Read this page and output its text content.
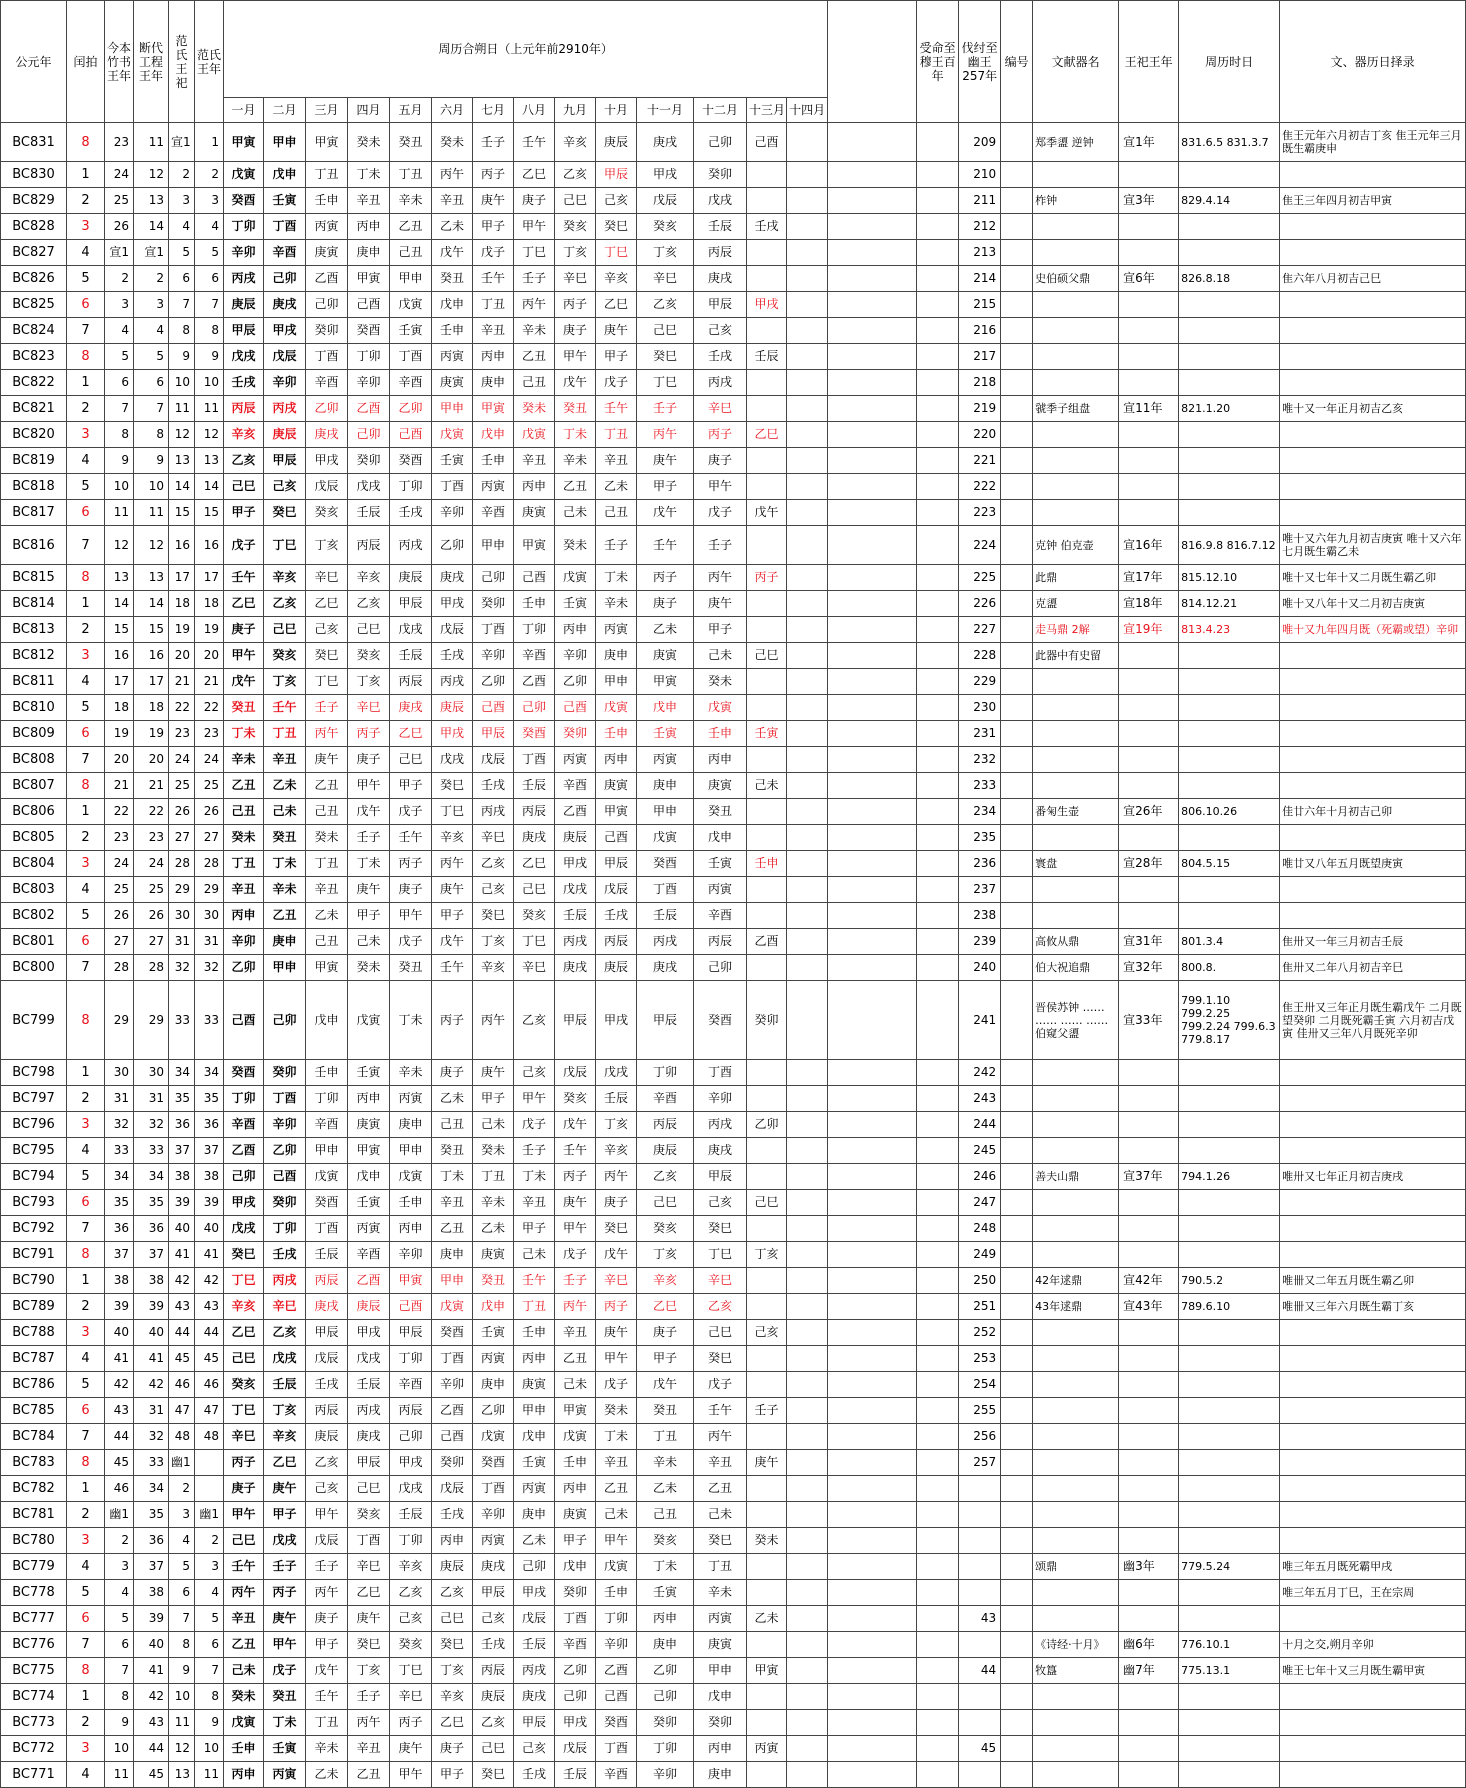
公元年	闰拍	今本竹书王年	断代工程王年	范氏王祀	范氏王年	周历合朔日（上元年前2910年）															受命至穆王百年	伐纣至幽王257年	编号	文献器名	王祀王年	周历时日	文、器历日择录
						一月	二月	三月	四月	五月	六月	七月	八月	九月	十月	十一月	十二月	十三月	十四月								
BC831	8	23	11	宣1	1	甲寅	甲申	甲寅	癸未	癸丑	癸未	壬子	壬午	辛亥	庚辰	庚戌	己卯	己酉				209		郑季盨 逆钟	宣1年	831.6.5 831.3.7	隹王元年六月初吉丁亥 隹王元年三月既生霸庚申
BC830	1	24	12	2	2	戊寅	戊申	丁丑	丁未	丁丑	丙午	丙子	乙巳	乙亥	甲辰	甲戌	癸卯					210					
BC829	2	25	13	3	3	癸酉	壬寅	壬申	辛丑	辛未	辛丑	庚午	庚子	己巳	己亥	戊辰	戊戌					211		柞钟	宣3年	829.4.14	隹王三年四月初吉甲寅
BC828	3	26	14	4	4	丁卯	丁酉	丙寅	丙申	乙丑	乙未	甲子	甲午	癸亥	癸巳	癸亥	壬辰	壬戌				212					
BC827	4	宣1	宣1	5	5	辛卯	辛酉	庚寅	庚申	己丑	戊午	戊子	丁巳	丁亥	丁巳	丁亥	丙辰					213					
BC826	5	2	2	6	6	丙戌	己卯	乙酉	甲寅	甲申	癸丑	壬午	壬子	辛巳	辛亥	辛巳	庚戌					214		史伯硕父鼎	宣6年	826.8.18	隹六年八月初吉己巳
BC825	6	3	3	7	7	庚辰	庚戌	己卯	己酉	戊寅	戊申	丁丑	丙午	丙子	乙巳	乙亥	甲辰	甲戌				215					
BC824	7	4	4	8	8	甲辰	甲戌	癸卯	癸酉	壬寅	壬申	辛丑	辛未	庚子	庚午	己巳	己亥					216					
BC823	8	5	5	9	9	戊戌	戊辰	丁酉	丁卯	丁酉	丙寅	丙申	乙丑	甲午	甲子	癸巳	壬戌	壬辰				217					
BC822	1	6	6	10	10	壬戌	辛卯	辛酉	辛卯	辛酉	庚寅	庚申	己丑	戊午	戊子	丁巳	丙戌					218					
BC821	2	7	7	11	11	丙辰	丙戌	乙卯	乙酉	乙卯	甲申	甲寅	癸未	癸丑	壬午	壬子	辛巳					219		虢季子组盘	宣11年	821.1.20	唯十又一年正月初吉乙亥
BC820	3	8	8	12	12	辛亥	庚辰	庚戌	己卯	己酉	戊寅	戊申	戊寅	丁未	丁丑	丙午	丙子	乙巳				220					
BC819	4	9	9	13	13	乙亥	甲辰	甲戌	癸卯	癸酉	壬寅	壬申	辛丑	辛未	辛丑	庚午	庚子					221					
BC818	5	10	10	14	14	己巳	己亥	戊辰	戊戌	丁卯	丁酉	丙寅	丙申	乙丑	乙未	甲子	甲午					222					
BC817	6	11	11	15	15	甲子	癸巳	癸亥	壬辰	壬戌	辛卯	辛酉	庚寅	己未	己丑	戊午	戊子	戊午				223					
BC816	7	12	12	16	16	戊子	丁巳	丁亥	丙辰	丙戌	乙卯	甲申	甲寅	癸未	壬子	壬午	壬子					224		克钟 伯克壶	宣16年	816.9.8 816.7.12	唯十又六年九月初吉庚寅 唯十又六年七月既生霸乙未
BC815	8	13	13	17	17	壬午	辛亥	辛巳	辛亥	庚辰	庚戌	己卯	己酉	戊寅	丁未	丙子	丙午	丙子				225		此鼎	宣17年	815.12.10	唯十又七年十又二月既生霸乙卯
BC814	1	14	14	18	18	乙巳	乙亥	乙巳	乙亥	甲辰	甲戌	癸卯	壬申	壬寅	辛未	庚子	庚午					226		克盨	宣18年	814.12.21	唯十又八年十又二月初吉庚寅
BC813	2	15	15	19	19	庚子	己巳	己亥	己巳	戊戌	戊辰	丁酉	丁卯	丙申	丙寅	乙未	甲子					227		走马鼎 2解	宣19年	813.4.23	唯十又九年四月既（死霸或望）辛卯
BC812	3	16	16	20	20	甲午	癸亥	癸巳	癸亥	壬辰	壬戌	辛卯	辛酉	辛卯	庚申	庚寅	己未	己巳				228		此器中有史留			
BC811	4	17	17	21	21	戊午	丁亥	丁巳	丁亥	丙辰	丙戌	乙卯	乙酉	乙卯	甲申	甲寅	癸未					229					
BC810	5	18	18	22	22	癸丑	壬午	壬子	辛巳	庚戌	庚辰	己酉	己卯	己酉	戊寅	戊申	戊寅					230					
BC809	6	19	19	23	23	丁未	丁丑	丙午	丙子	乙巳	甲戌	甲辰	癸酉	癸卯	壬申	壬寅	壬申	壬寅				231					
BC808	7	20	20	24	24	辛未	辛丑	庚午	庚子	己巳	戊戌	戊辰	丁酉	丙寅	丙申	丙寅	丙申					232					
BC807	8	21	21	25	25	乙丑	乙未	乙丑	甲午	甲子	癸巳	壬戌	壬辰	辛酉	庚寅	庚申	庚寅	己未				233					
BC806	1	22	22	26	26	己丑	己未	己丑	戊午	戊子	丁巳	丙戌	丙辰	乙酉	甲寅	甲申	癸丑					234		番匊生壶	宣26年	806.10.26	佳廿六年十月初吉己卯
BC805	2	23	23	27	27	癸未	癸丑	癸未	壬子	壬午	辛亥	辛巳	庚戌	庚辰	己酉	戊寅	戊申					235					
BC804	3	24	24	28	28	丁丑	丁未	丁丑	丁未	丙子	丙午	乙亥	乙巳	甲戌	甲辰	癸酉	壬寅	壬申				236		寰盘	宣28年	804.5.15	唯廿又八年五月既望庚寅
BC803	4	25	25	29	29	辛丑	辛未	辛丑	庚午	庚子	庚午	己亥	己巳	戊戌	戊辰	丁酉	丙寅					237					
BC802	5	26	26	30	30	丙申	乙丑	乙未	甲子	甲午	甲子	癸巳	癸亥	壬辰	壬戌	壬辰	辛酉					238					
BC801	6	27	27	31	31	辛卯	庚申	己丑	己未	戊子	戊午	丁亥	丁巳	丙戌	丙辰	丙戌	丙辰	乙酉				239		高攸从鼎	宣31年	801.3.4	隹卅又一年三月初吉壬辰
BC800	7	28	28	32	32	乙卯	甲申	甲寅	癸未	癸丑	壬午	辛亥	辛巳	庚戌	庚辰	庚戌	己卯					240		伯大祝追鼎	宣32年	800.8.	隹卅又二年八月初吉辛巳
BC799	8	29	29	33	33	己酉	己卯	戊申	戊寅	丁未	丙子	丙午	乙亥	甲辰	甲戌	甲辰	癸酉	癸卯				241		晋侯苏钟 …… …… …… …… 伯窥父盨	宣33年	799.1.10 799.2.25 799.2.24 799.6.3 779.8.17	隹王卅又三年正月既生霸戊午 二月既望癸卯 二月既死霸壬寅 六月初吉戊寅 佳卅又三年八月既死辛卯
BC798	1	30	30	34	34	癸酉	癸卯	壬申	壬寅	辛未	庚子	庚午	己亥	戊辰	戊戌	丁卯	丁酉					242					
BC797	2	31	31	35	35	丁卯	丁酉	丁卯	丙申	丙寅	乙未	甲子	甲午	癸亥	壬辰	辛酉	辛卯					243					
BC796	3	32	32	36	36	辛酉	辛卯	辛酉	庚寅	庚申	己丑	己未	戊子	戊午	丁亥	丙辰	丙戌	乙卯				244					
BC795	4	33	33	37	37	乙酉	乙卯	甲申	甲寅	甲申	癸丑	癸未	壬子	壬午	辛亥	庚辰	庚戌					245					
BC794	5	34	34	38	38	己卯	己酉	戊寅	戊申	戊寅	丁未	丁丑	丁未	丙子	丙午	乙亥	甲辰					246		善夫山鼎	宣37年	794.1.26	唯卅又七年正月初吉庚戌
BC793	6	35	35	39	39	甲戌	癸卯	癸酉	壬寅	壬申	辛丑	辛未	辛丑	庚午	庚子	己巳	己亥	己巳				247					
BC792	7	36	36	40	40	戊戌	丁卯	丁酉	丙寅	丙申	乙丑	乙未	甲子	甲午	癸巳	癸亥	癸巳					248					
BC791	8	37	37	41	41	癸巳	壬戌	壬辰	辛酉	辛卯	庚申	庚寅	己未	戊子	戊午	丁亥	丁巳	丁亥				249					
BC790	1	38	38	42	42	丁巳	丙戌	丙辰	乙酉	甲寅	甲申	癸丑	壬午	壬子	辛巳	辛亥	辛巳					250		42年逑鼎	宣42年	790.5.2	唯卌又二年五月既生霸乙卯
BC789	2	39	39	43	43	辛亥	辛巳	庚戌	庚辰	己酉	戊寅	戊申	丁丑	丙午	丙子	乙巳	乙亥					251		43年逑鼎	宣43年	789.6.10	唯卌又三年六月既生霸丁亥
BC788	3	40	40	44	44	乙巳	乙亥	甲辰	甲戌	甲辰	癸酉	壬寅	壬申	辛丑	庚午	庚子	己巳	己亥				252					
BC787	4	41	41	45	45	己巳	戊戌	戊辰	戊戌	丁卯	丁酉	丙寅	丙申	乙丑	甲午	甲子	癸巳					253					
BC786	5	42	42	46	46	癸亥	壬辰	壬戌	壬辰	辛酉	辛卯	庚申	庚寅	己未	戊子	戊午	戊子					254					
BC785	6	43	31	47	47	丁巳	丁亥	丙辰	丙戌	丙辰	乙酉	乙卯	甲申	甲寅	癸未	癸丑	壬午	壬子				255					
BC784	7	44	32	48	48	辛巳	辛亥	庚辰	庚戌	己卯	己酉	戊寅	戊申	戊寅	丁未	丁丑	丙午					256					
BC783	8	45	33	幽1		丙子	乙巳	乙亥	甲辰	甲戌	癸卯	癸酉	壬寅	壬申	辛丑	辛未	辛丑	庚午				257					
BC782	1	46	34	2		庚子	庚午	己亥	己巳	戊戌	戊辰	丁酉	丙寅	丙申	乙丑	乙未	乙丑										
BC781	2	幽1	35	3	幽1	甲午	甲子	甲午	癸亥	壬辰	壬戌	辛卯	庚申	庚寅	己未	己丑	己未										
BC780	3	2	36	4	2	己巳	戊戌	戊辰	丁酉	丁卯	丙申	丙寅	乙未	甲子	甲午	癸亥	癸巳	癸未									
BC779	4	3	37	5	3	壬午	壬子	壬子	辛巳	辛亥	庚辰	庚戌	己卯	戊申	戊寅	丁未	丁丑							颂鼎	幽3年	779.5.24	唯三年五月既死霸甲戌
BC778	5	4	38	6	4	丙午	丙子	丙午	乙巳	乙亥	乙亥	甲辰	甲戌	癸卯	壬申	壬寅	辛未										唯三年五月丁巳，王在宗周
BC777	6	5	39	7	5	辛丑	庚午	庚子	庚午	己亥	己巳	己亥	戊辰	丁酉	丁卯	丙申	丙寅	乙未				43					
BC776	7	6	40	8	6	乙丑	甲午	甲子	癸巳	癸亥	癸巳	壬戌	壬辰	辛酉	辛卯	庚申	庚寅							《诗经·十月》	幽6年	776.10.1	十月之交,朔月辛卯
BC775	8	7	41	9	7	己未	戊子	戊午	丁亥	丁巳	丁亥	丙辰	丙戌	乙卯	乙酉	乙卯	甲申	甲寅				44		牧簋	幽7年	775.13.1	唯王七年十又三月既生霸甲寅
BC774	1	8	42	10	8	癸未	癸丑	壬午	壬子	辛巳	辛亥	庚辰	庚戌	己卯	己酉	己卯	戊申										
BC773	2	9	43	11	9	戊寅	丁未	丁丑	丙午	丙子	乙巳	乙亥	甲辰	甲戌	癸酉	癸卯	癸卯										
BC772	3	10	44	12	10	壬申	壬寅	辛未	辛丑	庚午	庚子	己巳	己亥	戊辰	丁酉	丁卯	丙申	丙寅				45					
BC771	4	11	45	13	11	丙申	丙寅	乙未	乙丑	甲午	甲子	癸巳	壬戌	壬辰	辛酉	辛卯	庚申										
